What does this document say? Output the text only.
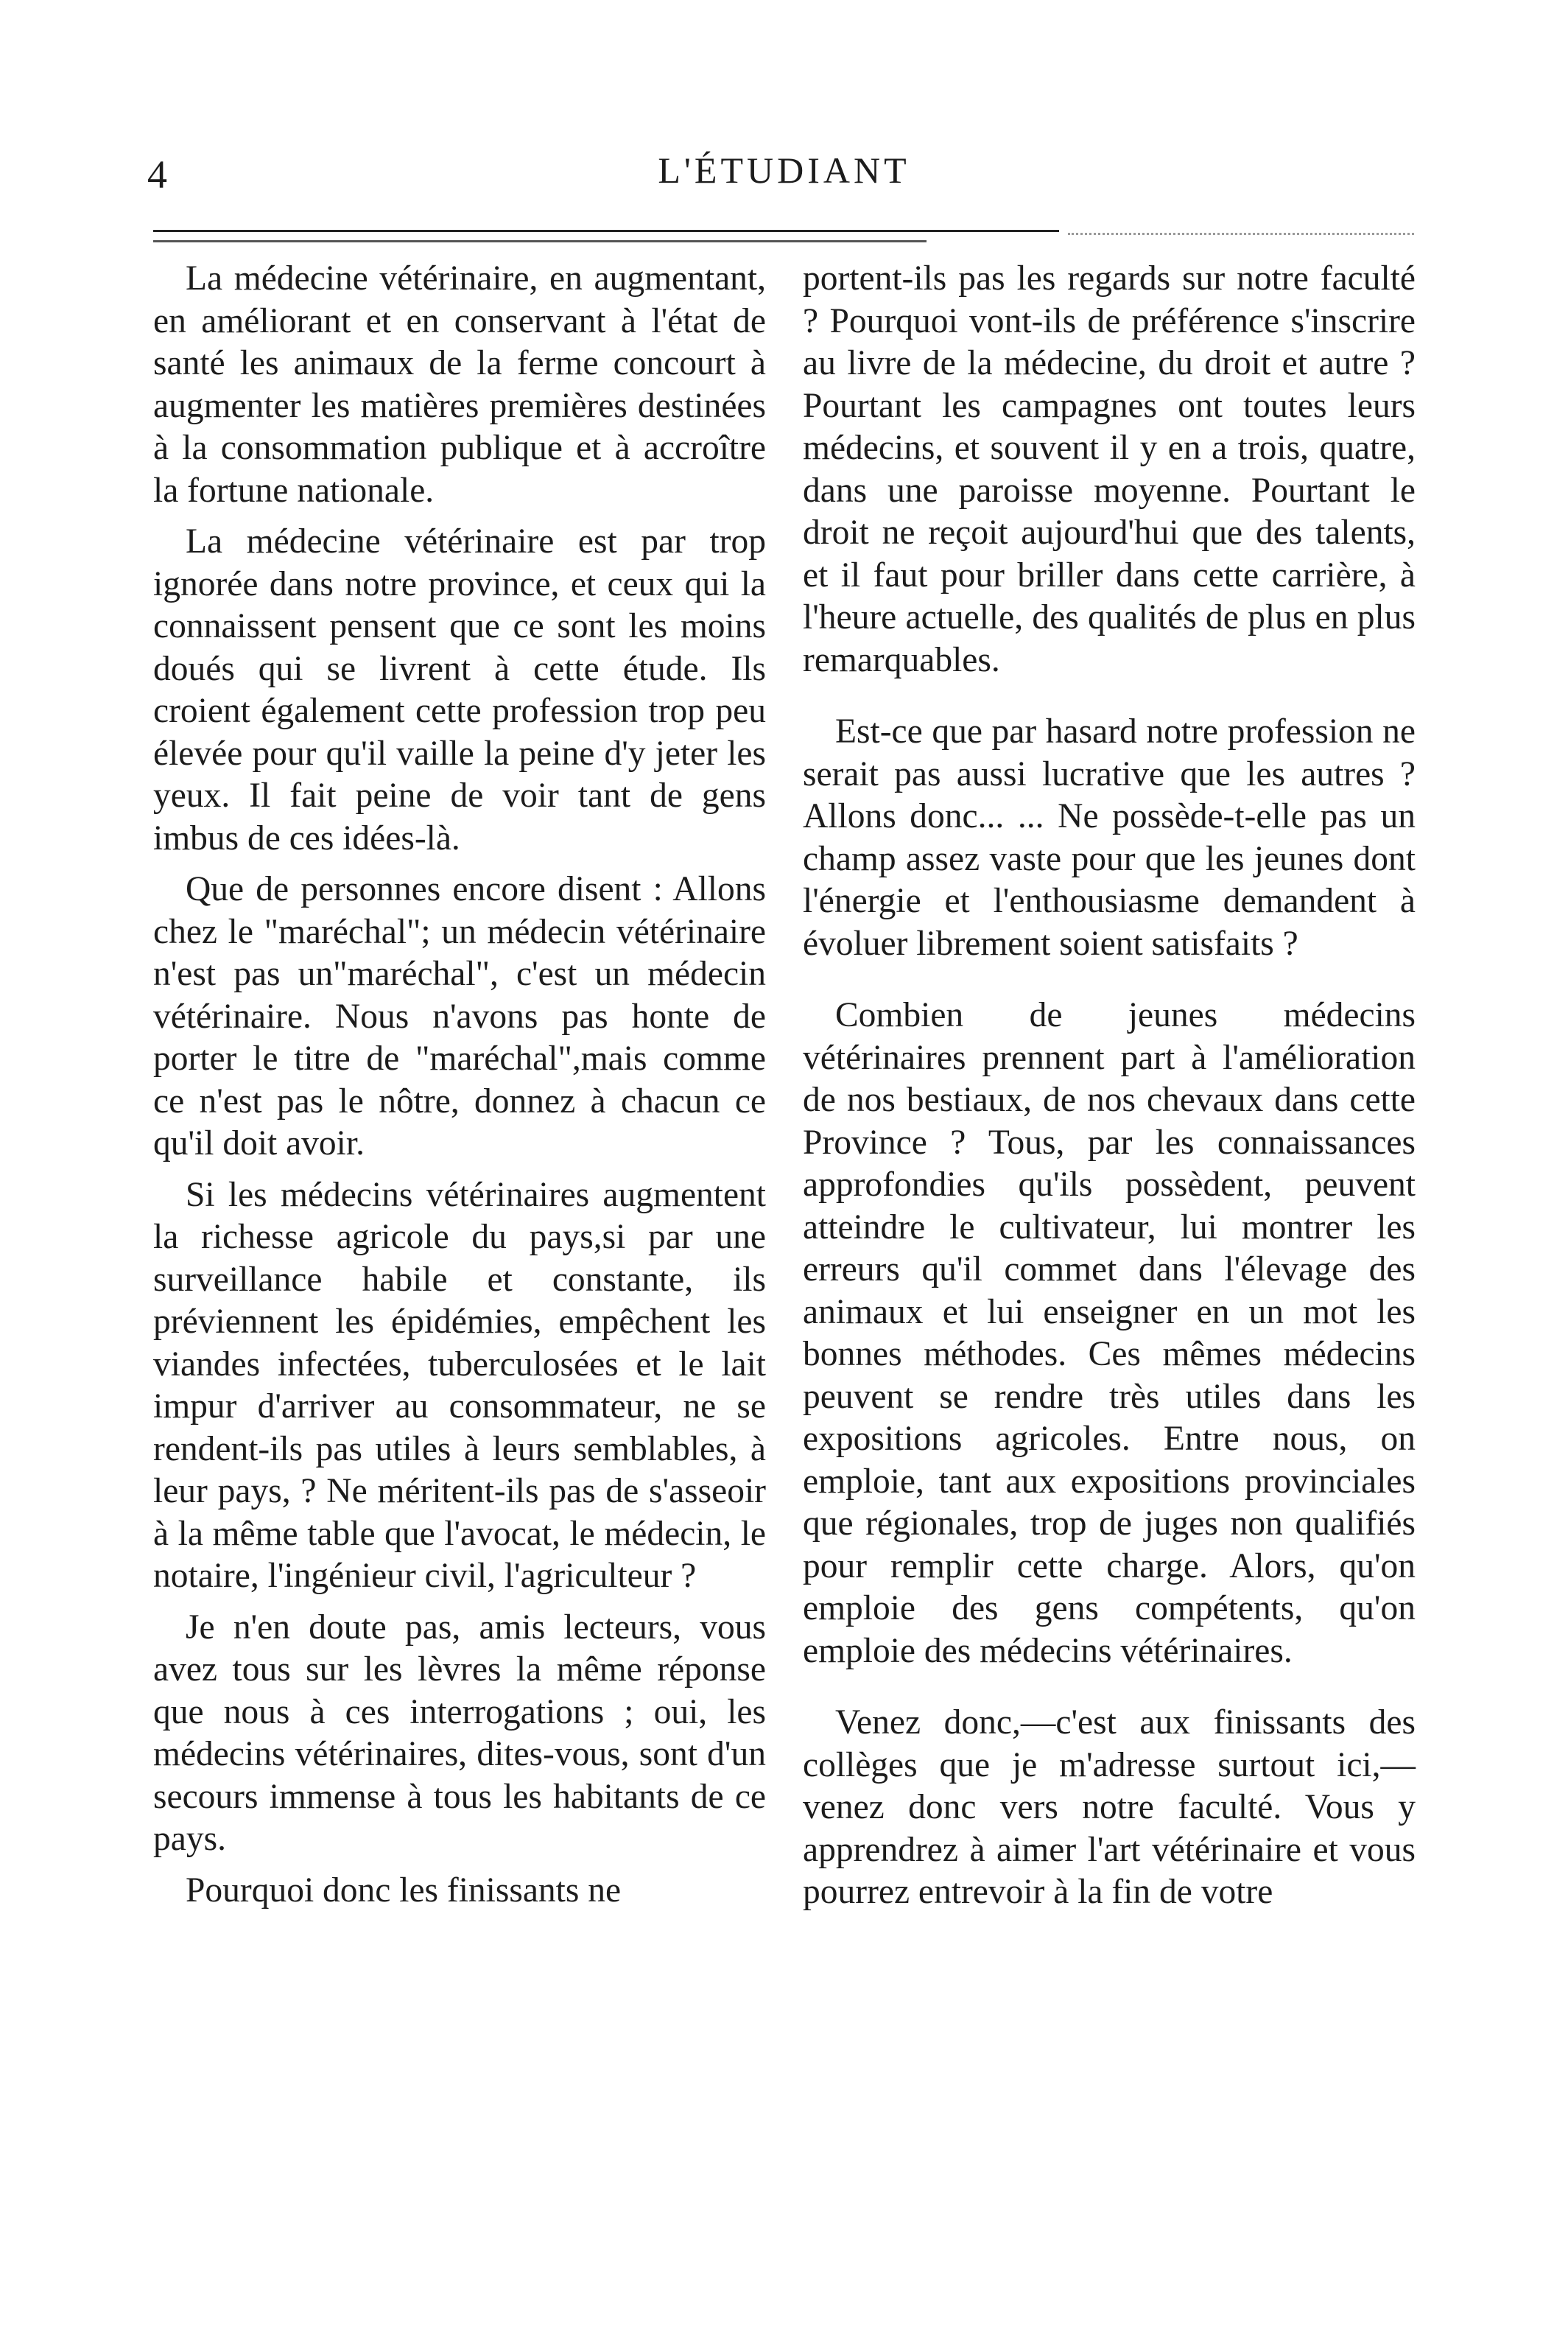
4	L'ÉTUDIANT

La médecine vétérinaire, en augmentant, en améliorant et en conservant à l'état de santé les animaux de la ferme concourt à augmenter les matières premières destinées à la consommation publique et à accroître la fortune nationale.

La médecine vétérinaire est par trop ignorée dans notre province, et ceux qui la connaissent pensent que ce sont les moins doués qui se livrent à cette étude. Ils croient également cette profession trop peu élevée pour qu'il vaille la peine d'y jeter les yeux. Il fait peine de voir tant de gens imbus de ces idées-là.

Que de personnes encore disent : Allons chez le "maréchal"; un médecin vétérinaire n'est pas un"maréchal", c'est un médecin vétérinaire. Nous n'avons pas honte de porter le titre de "maréchal",mais comme ce n'est pas le nôtre, donnez à chacun ce qu'il doit avoir.

Si les médecins vétérinaires augmentent la richesse agricole du pays,si par une surveillance habile et constante, ils préviennent les épidémies, empêchent les viandes infectées, tuberculosées et le lait impur d'arriver au consommateur, ne se rendent-ils pas utiles à leurs semblables, à leur pays, ? Ne méritent-ils pas de s'asseoir à la même table que l'avocat, le médecin, le notaire, l'ingénieur civil, l'agriculteur ?

Je n'en doute pas, amis lecteurs, vous avez tous sur les lèvres la même réponse que nous à ces interrogations ; oui, les médecins vétérinaires, dites-vous, sont d'un secours immense à tous les habitants de ce pays.

Pourquoi donc les finissants ne

portent-ils pas les regards sur notre faculté ? Pourquoi vont-ils de préférence s'inscrire au livre de la médecine, du droit et autre ? Pourtant les campagnes ont toutes leurs médecins, et souvent il y en a trois, quatre, dans une paroisse moyenne. Pourtant le droit ne reçoit aujourd'hui que des talents, et il faut pour briller dans cette carrière, à l'heure actuelle, des qualités de plus en plus remarquables.

Est-ce que par hasard notre profession ne serait pas aussi lucrative que les autres ? Allons donc... ... Ne possède-t-elle pas un champ assez vaste pour que les jeunes dont l'énergie et l'enthousiasme demandent à évoluer librement soient satisfaits ?

Combien de jeunes médecins vétérinaires prennent part à l'amélioration de nos bestiaux, de nos chevaux dans cette Province ? Tous, par les connaissances approfondies qu'ils possèdent, peuvent atteindre le cultivateur, lui montrer les erreurs qu'il commet dans l'élevage des animaux et lui enseigner en un mot les bonnes méthodes. Ces mêmes médecins peuvent se rendre très utiles dans les expositions agricoles. Entre nous, on emploie, tant aux expositions provinciales que régionales, trop de juges non qualifiés pour remplir cette charge. Alors, qu'on emploie des gens compétents, qu'on emploie des médecins vétérinaires.

Venez donc,—c'est aux finissants des collèges que je m'adresse surtout ici,—venez donc vers notre faculté. Vous y apprendrez à aimer l'art vétérinaire et vous pourrez entrevoir à la fin de votre
